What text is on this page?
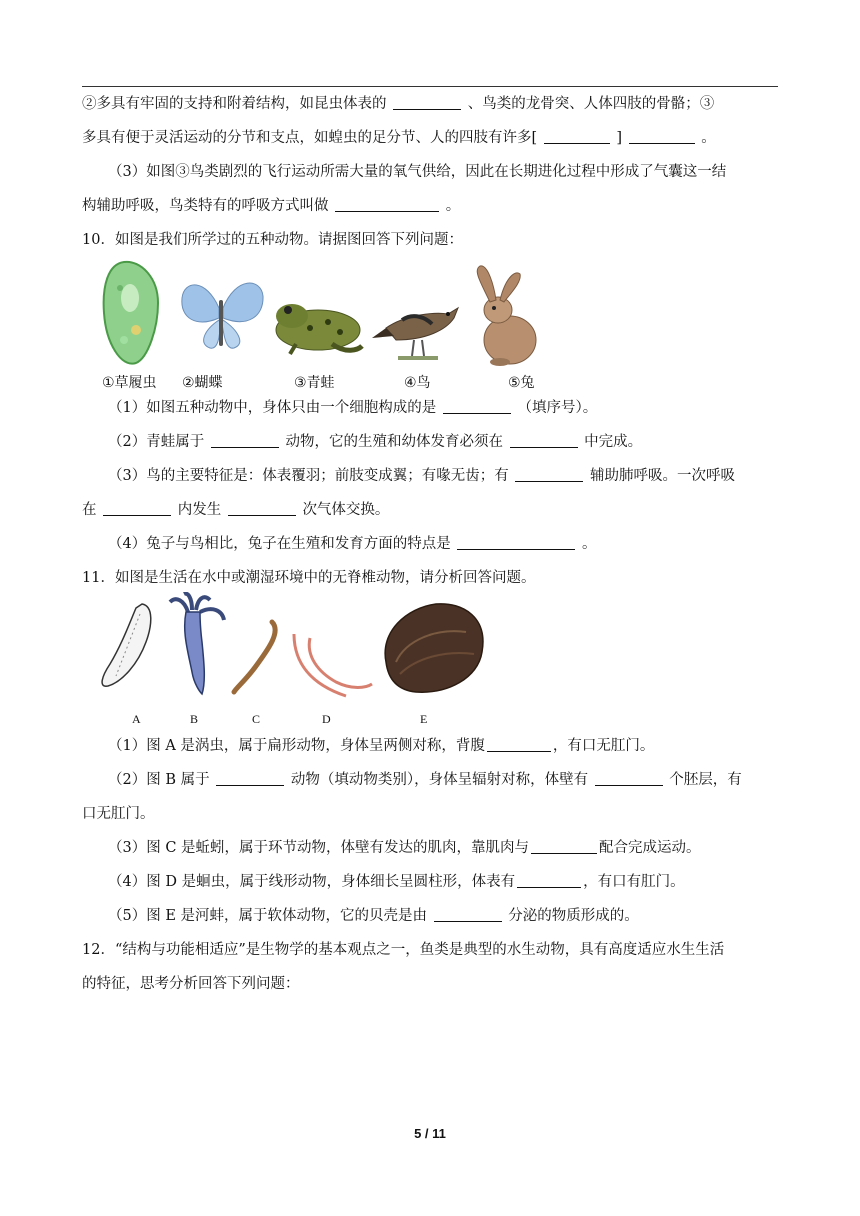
②多具有牢固的支持和附着结构，如昆虫体表的	、鸟类的龙骨突、人体四肢的骨骼；③
多具有便于灵活运动的分节和支点，如蝗虫的足分节、人的四肢有许多[	]	。
（3）如图③鸟类剧烈的飞行运动所需大量的氧气供给，因此在长期进化过程中形成了气囊这一结
构辅助呼吸，鸟类特有的呼吸方式叫做	。
10．如图是我们所学过的五种动物。请据图回答下列问题：
①草履虫 ②蝴蝶	③青蛙	④鸟	⑤兔
（1）如图五种动物中，身体只由一个细胞构成的是	（填序号）。
（2）青蛙属于	动物，它的生殖和幼体发育必须在	中完成。
（3）鸟的主要特征是：体表覆羽；前肢变成翼；有喙无齿；有	辅助肺呼吸。一次呼吸
在	内发生	次气体交换。
（4）兔子与鸟相比，兔子在生殖和发育方面的特点是	。
11．如图是生活在水中或潮湿环境中的无脊椎动物，请分析回答问题。
A	B	C	D	E
（1）图 A 是涡虫，属于扁形动物，身体呈两侧对称，背腹	，有口无肛门。
（2）图 B 属于	动物（填动物类别），身体呈辐射对称，体壁有	个胚层，有
口无肛门。
（3）图 C 是蚯蚓，属于环节动物，体壁有发达的肌肉，靠肌肉与	配合完成运动。
（4）图 D 是蛔虫，属于线形动物，身体细长呈圆柱形，体表有	，有口有肛门。
（5）图 E 是河蚌，属于软体动物，它的贝壳是由	分泌的物质形成的。
12．“结构与功能相适应”是生物学的基本观点之一，鱼类是典型的水生动物，具有高度适应水生生活
的特征，思考分析回答下列问题：
5 / 11
